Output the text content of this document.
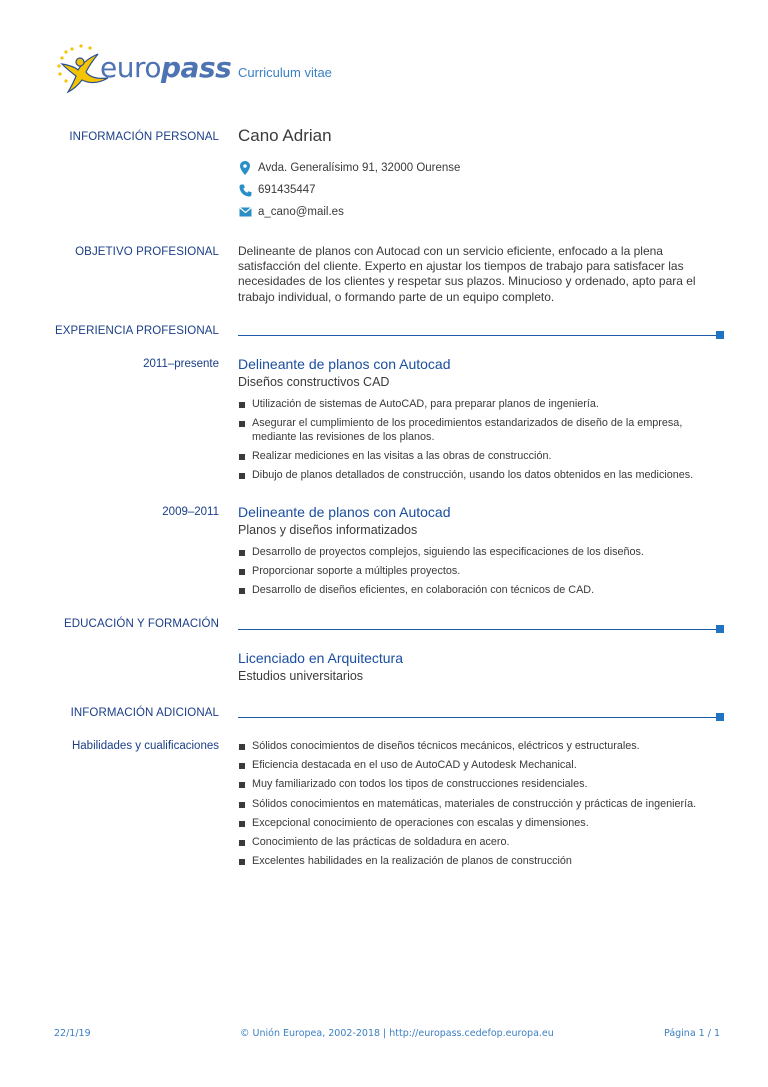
europass Curriculum vitae
INFORMACIÓN PERSONAL Cano Adrian
Avda. Generalísimo 91, 32000 Ourense
691435447
a_cano@mail.es
OBJETIVO PROFESIONAL Delineante de planos con Autocad con un servicio eficiente, enfocado a la plena satisfacción del cliente. Experto en ajustar los tiempos de trabajo para satisfacer las necesidades de los clientes y respetar sus plazos. Minucioso y ordenado, apto para el trabajo individual, o formando parte de un equipo completo.
EXPERIENCIA PROFESIONAL
2011–presente Delineante de planos con Autocad
Diseños constructivos CAD
Utilización de sistemas de AutoCAD, para preparar planos de ingeniería.
Asegurar el cumplimiento de los procedimientos estandarizados de diseño de la empresa, mediante las revisiones de los planos.
Realizar mediciones en las visitas a las obras de construcción.
Dibujo de planos detallados de construcción, usando los datos obtenidos en las mediciones.
2009–2011 Delineante de planos con Autocad
Planos y diseños informatizados
Desarrollo de proyectos complejos, siguiendo las especificaciones de los diseños.
Proporcionar soporte a múltiples proyectos.
Desarrollo de diseños eficientes, en colaboración con técnicos de CAD.
EDUCACIÓN Y FORMACIÓN
Licenciado en Arquitectura
Estudios universitarios
INFORMACIÓN ADICIONAL
Habilidades y cualificaciones	Sólidos conocimientos de diseños técnicos mecánicos, eléctricos y estructurales.
Eficiencia destacada en el uso de AutoCAD y Autodesk Mechanical.
Muy familiarizado con todos los tipos de construcciones residenciales.
Sólidos conocimientos en matemáticas, materiales de construcción y prácticas de ingeniería.
Excepcional conocimiento de operaciones con escalas y dimensiones.
Conocimiento de las prácticas de soldadura en acero.
Excelentes habilidades en la realización de planos de construcción
22/1/19	© Unión Europea, 2002-2018 | http://europass.cedefop.europa.eu	Página 1 / 1
